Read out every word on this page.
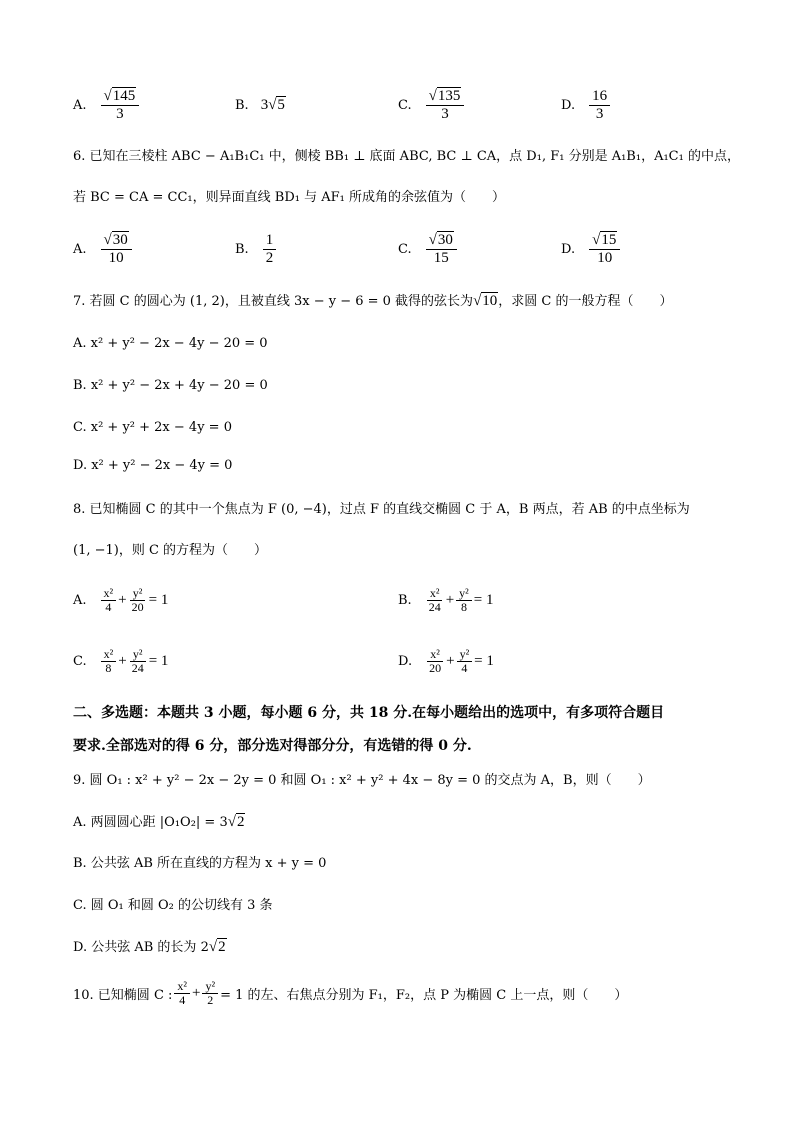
A. $\frac{√145}{3}$	B. 3 √5	C. $\frac{√135}{3}$	D. $\frac{16}{3}$
6. 已知在三棱柱 ABC − A₁B₁C₁ 中，侧棱 BB₁ ⊥ 底面 ABC, BC ⊥ CA，点 D₁, F₁ 分别是 A₁B₁，A₁C₁ 的中点，
若 BC = CA = CC₁，则异面直线 BD₁ 与 AF₁ 所成角的余弦值为（　　）
A. $\frac{√30}{10}$	B. $\frac{1}{2}$	C. $\frac{√30}{15}$	D. $\frac{√15}{10}$
7. 若圆 C 的圆心为 (1, 2)，且被直线 3x − y − 6 = 0 截得的弦长为√10，求圆 C 的一般方程（　　）
A. x² + y² − 2x − 4y − 20 = 0
B. x² + y² − 2x + 4y − 20 = 0
C. x² + y² + 2x − 4y = 0
D. x² + y² − 2x − 4y = 0
8. 已知椭圆 C 的其中一个焦点为 F (0, −4)，过点 F 的直线交椭圆 C 于 A，B 两点，若 AB 的中点坐标为
(1, −1)，则 C 的方程为（　　）
A. $\frac{\text{x²}}{4} + \frac{\text{y²}}{20} = 1$	B. $\frac{\text{x²}}{24} + \frac{\text{y²}}{8} = 1$
C. $\frac{\text{x²}}{8} + \frac{\text{y²}}{24} = 1$	D. $\frac{\text{x²}}{20} + \frac{\text{y²}}{4} = 1$
二、多选题：本题共 3 小题，每小题 6 分，共 18 分.在每小题给出的选项中，有多项符合题目
要求.全部选对的得 6 分，部分选对得部分分，有选错的得 0 分.
9. 圆 O₁ : x² + y² − 2x − 2y = 0 和圆 O₁ : x² + y² + 4x − 8y = 0 的交点为 A，B，则（　　）
A. 两圆圆心距 |O₁O₂| = 3√2
B. 公共弦 AB 所在直线的方程为 x + y = 0
C. 圆 O₁ 和圆 O₂ 的公切线有 3 条
D. 公共弦 AB 的长为 2√2
10. 已知椭圆 C : $\frac{\text{x²}}{4} + \frac{\text{y²}}{2} = 1$ 的左、右焦点分别为 F₁，F₂，点 P 为椭圆 C 上一点，则（　　）
